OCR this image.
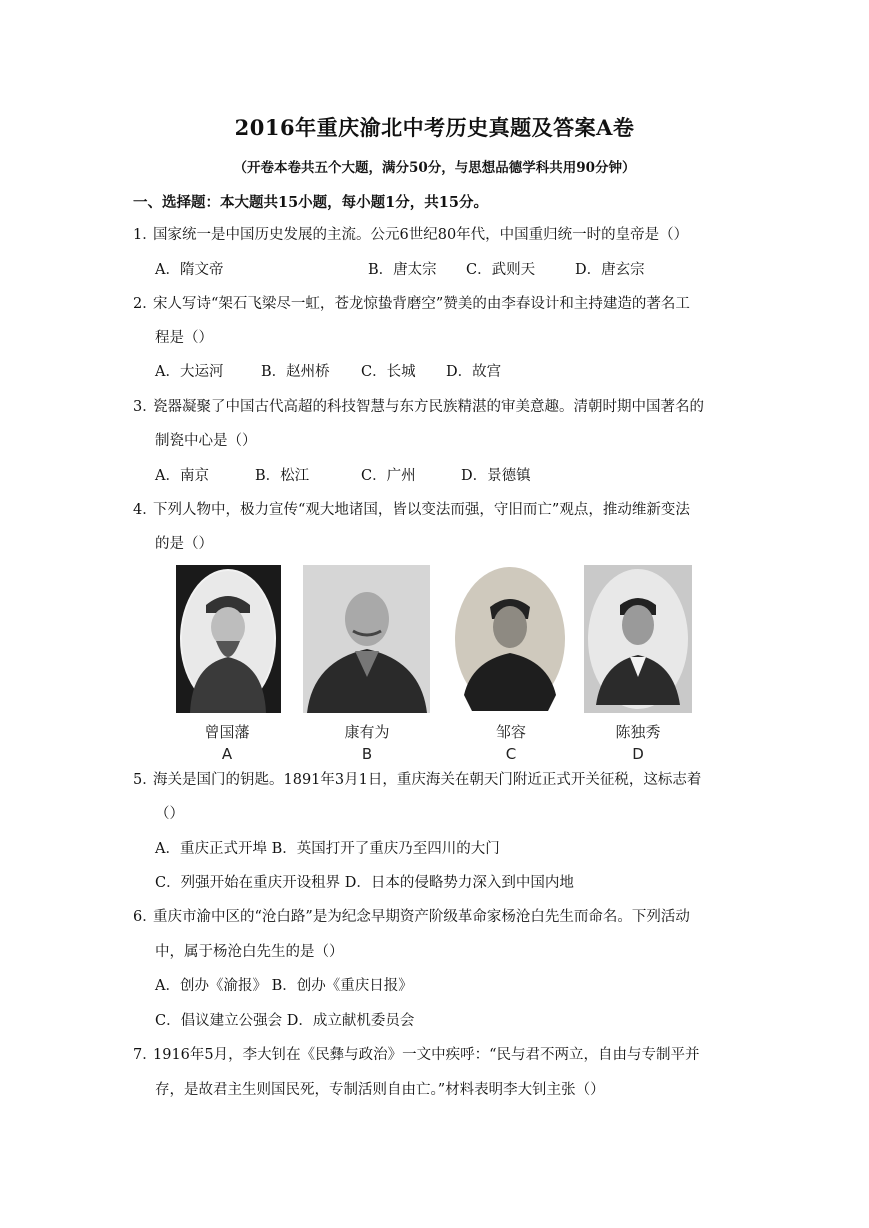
2016年重庆渝北中考历史真题及答案A卷
（开卷本卷共五个大题，满分50分，与思想品德学科共用90分钟）
一、选择题：本大题共15小题，每小题1分，共15分。
1．国家统一是中国历史发展的主流。公元6世纪80年代，中国重归统一时的皇帝是（）
A．隋文帝	B．唐太宗 C．武则天	D．唐玄宗
2．宋人写诗“架石飞梁尽一虹，苍龙惊蛰背磨空”赞美的由李春设计和主持建造的著名工
程是（）
A．大运河	B．赵州桥 C．长城 D．故宫
3．瓷器凝聚了中国古代高超的科技智慧与东方民族精湛的审美意趣。清朝时期中国著名的
制瓷中心是（）
A．南京	B．松江	C．广州	D．景德镇
4．下列人物中，极力宣传“观大地诸国，皆以变法而强，守旧而亡”观点，推动维新变法
的是（）
曾国藩	康有为	邹容	陈独秀
A	B	C	D
5．海关是国门的钥匙。1891年3月1日，重庆海关在朝天门附近正式开关征税，这标志着
（）
A．重庆正式开埠 B．英国打开了重庆乃至四川的大门
C．列强开始在重庆开设租界 D．日本的侵略势力深入到中国内地
6．重庆市渝中区的“沧白路”是为纪念早期资产阶级革命家杨沧白先生而命名。下列活动
中，属于杨沧白先生的是（）
A．创办《渝报》 B．创办《重庆日报》
C．倡议建立公强会 D．成立献机委员会
7．1916年5月，李大钊在《民彝与政治》一文中疾呼：“民与君不两立，自由与专制平并
存，是故君主生则国民死，专制活则自由亡。”材料表明李大钊主张（）
